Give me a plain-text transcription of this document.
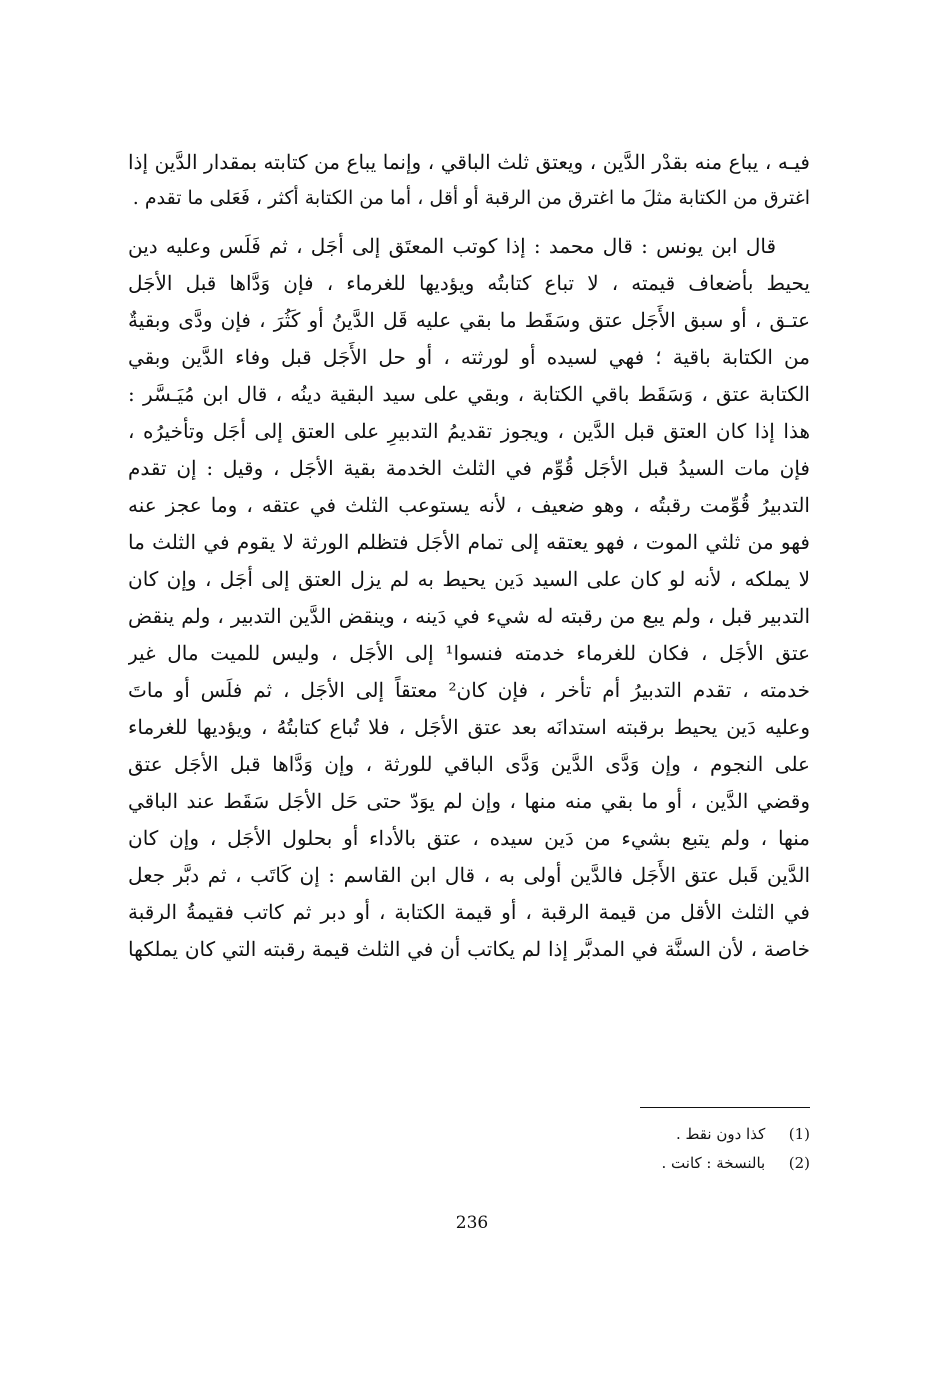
فيـه ، يباع منه بقدْر الدَّين ، ويعتق ثلث الباقي ، وإنما يباع من كتابته بمقدار الدَّين إذا
اغترق من الكتابة مثلَ ما اغترق من الرقبة أو أقل ، أما من الكتابة أكثر ، فَعَلى ما تقدم .
قال ابن يونس : قال محمد : إذا كوتب المعتَق إلى أجَل ، ثم فَلَس وعليه دين
يحيط بأضعاف قيمته ، لا تباع كتابتُه ويؤديها للغرماء ، فإن وَدَّاها قبل الأجَل
عتـق ، أو سبق الأَجَل عتق وسَقَط ما بقي عليه قَل الدَّينُ أو كَثُرَ ، فإن ودَّى وبقيةٌ
من الكتابة باقية ؛ فهي لسيده أو لورثته ، أو حل الأَجَل قبل وفاء الدَّين وبقي
الكتابة عتق ، وَسَقَط باقي الكتابة ، وبقي على سيد البقية دينُه ، قال ابن مُيَـسَّر :
هذا إذا كان العتق قبل الدَّين ، ويجوز تقديمُ التدبيرِ على العتق إلى أجَل وتأخيرُه ،
فإن مات السيدُ قبل الأجَل قُوِّم في الثلث الخدمة بقية الأجَل ، وقيل : إن تقدم
التدبيرُ قُوِّمت رقبتُه ، وهو ضعيف ، لأنه يستوعب الثلث في عتقه ، وما عجز عنه
فهو من ثلثي الموت ، فهو يعتقه إلى تمام الأجَل فتظلم الورثة لا يقوم في الثلث ما
لا يملكه ، لأنه لو كان على السيد دَين يحيط به لم يزل العتق إلى أجَل ، وإن كان
التدبير قبل ، ولم يبع من رقبته له شيء في دَينه ، وينقض الدَّين التدبير ، ولم ينقض
عتق الأجَل ، فكان للغرماء خدمته فنسوا¹ إلى الأجَل ، وليس للميت مال غير
خدمته ، تقدم التدبيرُ أم تأخر ، فإن كان² معتقاً إلى الأجَل ، ثم فلَس أو ماتَ
وعليه دَين يحيط برقبته استدانَه بعد عتق الأجَل ، فلا تُباع كتابتُهُ ، ويؤديها للغرماء
على النجوم ، وإن وَدَّى الدَّين وَدَّى الباقي للورثة ، وإن وَدَّاها قبل الأجَل عتق
وقضي الدَّين ، أو ما بقي منه منها ، وإن لم يوَدّ حتى حَل الأجَل سَقَط عند الباقي
منها ، ولم يتبع بشيء من دَين سيده ، عتق بالأداء أو بحلول الأجَل ، وإن كان
الدَّين قَبل عتق الأَجَل فالدَّين أولى به ، قال ابن القاسم : إن كَاتَب ، ثم دبَّر جعل
في الثلث الأقل من قيمة الرقبة ، أو قيمة الكتابة ، أو دبر ثم كاتب فقيمةُ الرقبة
خاصة ، لأن السنَّة في المدبَّر إذا لم يكاتب أن في الثلث قيمة رقبته التي كان يملكها
(1) كذا دون نقط .
(2) بالنسخة : كانت .
236
